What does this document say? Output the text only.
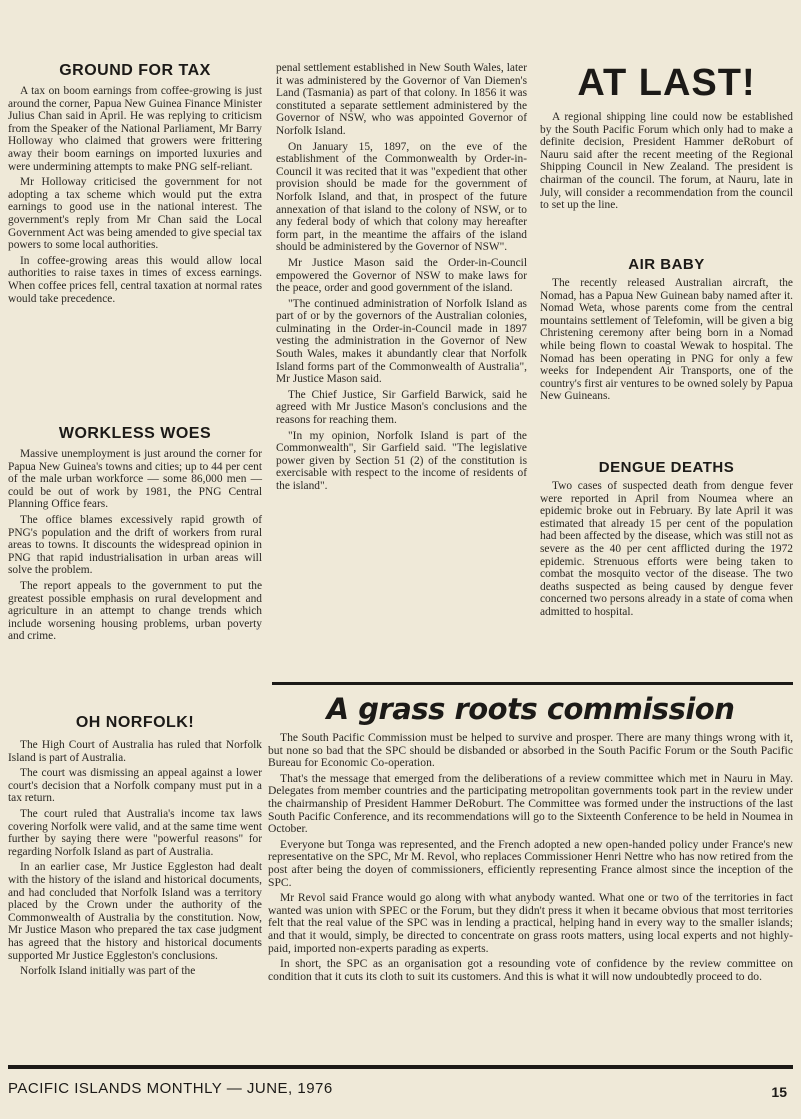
GROUND FOR TAX

A tax on boom earnings from coffee-growing is just around the corner, Papua New Guinea Finance Minister Julius Chan said in April. He was replying to criticism from the Speaker of the National Parliament, Mr Barry Holloway who claimed that growers were frittering away their boom earnings on imported luxuries and were undermining attempts to make PNG self-reliant.

Mr Holloway criticised the government for not adopting a tax scheme which would put the extra earnings to good use in the national interest. The government's reply from Mr Chan said the Local Government Act was being amended to give special tax powers to some local authorities.

In coffee-growing areas this would allow local authorities to raise taxes in times of excess earnings. When coffee prices fell, central taxation at normal rates would take precedence.

WORKLESS WOES

Massive unemployment is just around the corner for Papua New Guinea's towns and cities; up to 44 per cent of the male urban workforce — some 86,000 men — could be out of work by 1981, the PNG Central Planning Office fears.

The office blames excessively rapid growth of PNG's population and the drift of workers from rural areas to towns. It discounts the widespread opinion in PNG that rapid industrialisation in urban areas will solve the problem.

The report appeals to the government to put the greatest possible emphasis on rural development and agriculture in an attempt to change trends which include worsening housing problems, urban poverty and crime.

OH NORFOLK!

The High Court of Australia has ruled that Norfolk Island is part of Australia.

The court was dismissing an appeal against a lower court's decision that a Norfolk company must put in a tax return.

The court ruled that Australia's income tax laws covering Norfolk were valid, and at the same time went further by saying there were "powerful reasons" for regarding Norfolk Island as part of Australia.

In an earlier case, Mr Justice Eggleston had dealt with the history of the island and historical documents, and had concluded that Norfolk Island was a territory placed by the Crown under the authority of the Commonwealth of Australia by the constitution. Now, Mr Justice Mason who prepared the tax case judgment has agreed that the history and historical documents supported Mr Justice Eggleston's conclusions.

Norfolk Island initially was part of the

penal settlement established in New South Wales, later it was administered by the Governor of Van Diemen's Land (Tasmania) as part of that colony. In 1856 it was constituted a separate settlement administered by the Governor of NSW, who was appointed Governor of Norfolk Island.

On January 15, 1897, on the eve of the establishment of the Commonwealth by Order-in-Council it was recited that it was "expedient that other provision should be made for the government of Norfolk Island, and that, in prospect of the future annexation of that island to the colony of NSW, or to any federal body of which that colony may hereafter form part, in the meantime the affairs of the island should be administered by the Governor of NSW".

Mr Justice Mason said the Order-in-Council empowered the Governor of NSW to make laws for the peace, order and good government of the island.

"The continued administration of Norfolk Island as part of or by the governors of the Australian colonies, culminating in the Order-in-Council made in 1897 vesting the administration in the Governor of New South Wales, makes it abundantly clear that Norfolk Island forms part of the Commonwealth of Australia", Mr Justice Mason said.

The Chief Justice, Sir Garfield Barwick, said he agreed with Mr Justice Mason's conclusions and the reasons for reaching them.

"In my opinion, Norfolk Island is part of the Commonwealth", Sir Garfield said. "The legislative power given by Section 51 (2) of the constitution is exercisable with respect to the income of residents of the island".

AT LAST!

A regional shipping line could now be established by the South Pacific Forum which only had to make a definite decision, President Hammer deRoburt of Nauru said after the recent meeting of the Regional Shipping Council in New Zealand. The president is chairman of the council. The forum, at Nauru, late in July, will consider a recommendation from the council to set up the line.

AIR BABY

The recently released Australian aircraft, the Nomad, has a Papua New Guinean baby named after it. Nomad Weta, whose parents come from the central mountains settlement of Telefomin, will be given a big Christening ceremony after being born in a Nomad while being flown to coastal Wewak to hospital. The Nomad has been operating in PNG for only a few weeks for Independent Air Transports, one of the country's first air ventures to be owned solely by Papua New Guineans.

DENGUE DEATHS

Two cases of suspected death from dengue fever were reported in April from Noumea where an epidemic broke out in February. By late April it was estimated that already 15 per cent of the population had been affected by the disease, which was still not as severe as the 40 per cent afflicted during the 1972 epidemic. Strenuous efforts were being taken to combat the mosquito vector of the disease. The two deaths suspected as being caused by dengue fever concerned two persons already in a state of coma when admitted to hospital.

A grass roots commission

The South Pacific Commission must be helped to survive and prosper. There are many things wrong with it, but none so bad that the SPC should be disbanded or absorbed in the South Pacific Forum or the South Pacific Bureau for Economic Co-operation.

That's the message that emerged from the deliberations of a review committee which met in Nauru in May. Delegates from member countries and the participating metropolitan governments took part in the review under the chairmanship of President Hammer DeRoburt. The Committee was formed under the instructions of the last South Pacific Conference, and its recommendations will go to the Sixteenth Conference to be held in Noumea in October.

Everyone but Tonga was represented, and the French adopted a new open-handed policy under France's new representative on the SPC, Mr M. Revol, who replaces Commissioner Henri Nettre who has now retired from the post after being the doyen of commissioners, efficiently representing France almost since the inception of the SPC.

Mr Revol said France would go along with what anybody wanted. What one or two of the territories in fact wanted was union with SPEC or the Forum, but they didn't press it when it became obvious that most territories felt that the real value of the SPC was in lending a practical, helping hand in every way to the smaller islands; and that it would, simply, be directed to concentrate on grass roots matters, using local experts and not highly-paid, imported non-experts parading as experts.

In short, the SPC as an organisation got a resounding vote of confidence by the review committee on condition that it cuts its cloth to suit its customers. And this is what it will now undoubtedly proceed to do.

PACIFIC ISLANDS MONTHLY — JUNE, 1976	15
